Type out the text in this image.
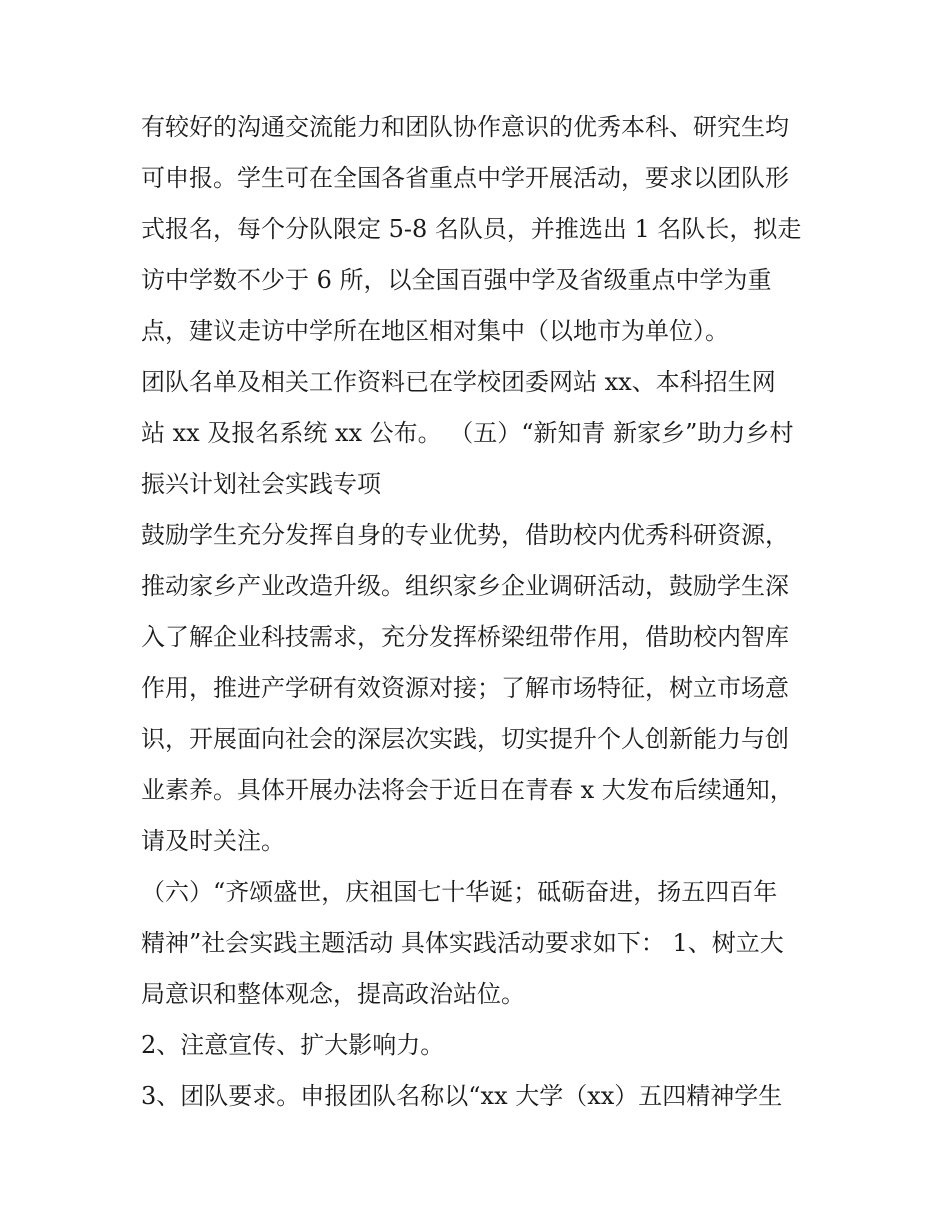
有较好的沟通交流能力和团队协作意识的优秀本科、研究生均
可申报。学生可在全国各省重点中学开展活动，要求以团队形
式报名，每个分队限定 5-8 名队员，并推选出 1 名队长，拟走
访中学数不少于 6 所，以全国百强中学及省级重点中学为重
点，建议走访中学所在地区相对集中（以地市为单位）。
团队名单及相关工作资料已在学校团委网站 xx、本科招生网
站 xx 及报名系统 xx 公布。 （五）“新知青 新家乡”助力乡村
振兴计划社会实践专项
鼓励学生充分发挥自身的专业优势，借助校内优秀科研资源，
推动家乡产业改造升级。组织家乡企业调研活动，鼓励学生深
入了解企业科技需求，充分发挥桥梁纽带作用，借助校内智库
作用，推进产学研有效资源对接；了解市场特征，树立市场意
识，开展面向社会的深层次实践，切实提升个人创新能力与创
业素养。具体开展办法将会于近日在青春 x 大发布后续通知，
请及时关注。
（六）“齐颂盛世，庆祖国七十华诞；砥砺奋进，扬五四百年
精神”社会实践主题活动 具体实践活动要求如下： 1、树立大
局意识和整体观念，提高政治站位。
2、注意宣传、扩大影响力。
3、团队要求。申报团队名称以“xx 大学（xx）五四精神学生
